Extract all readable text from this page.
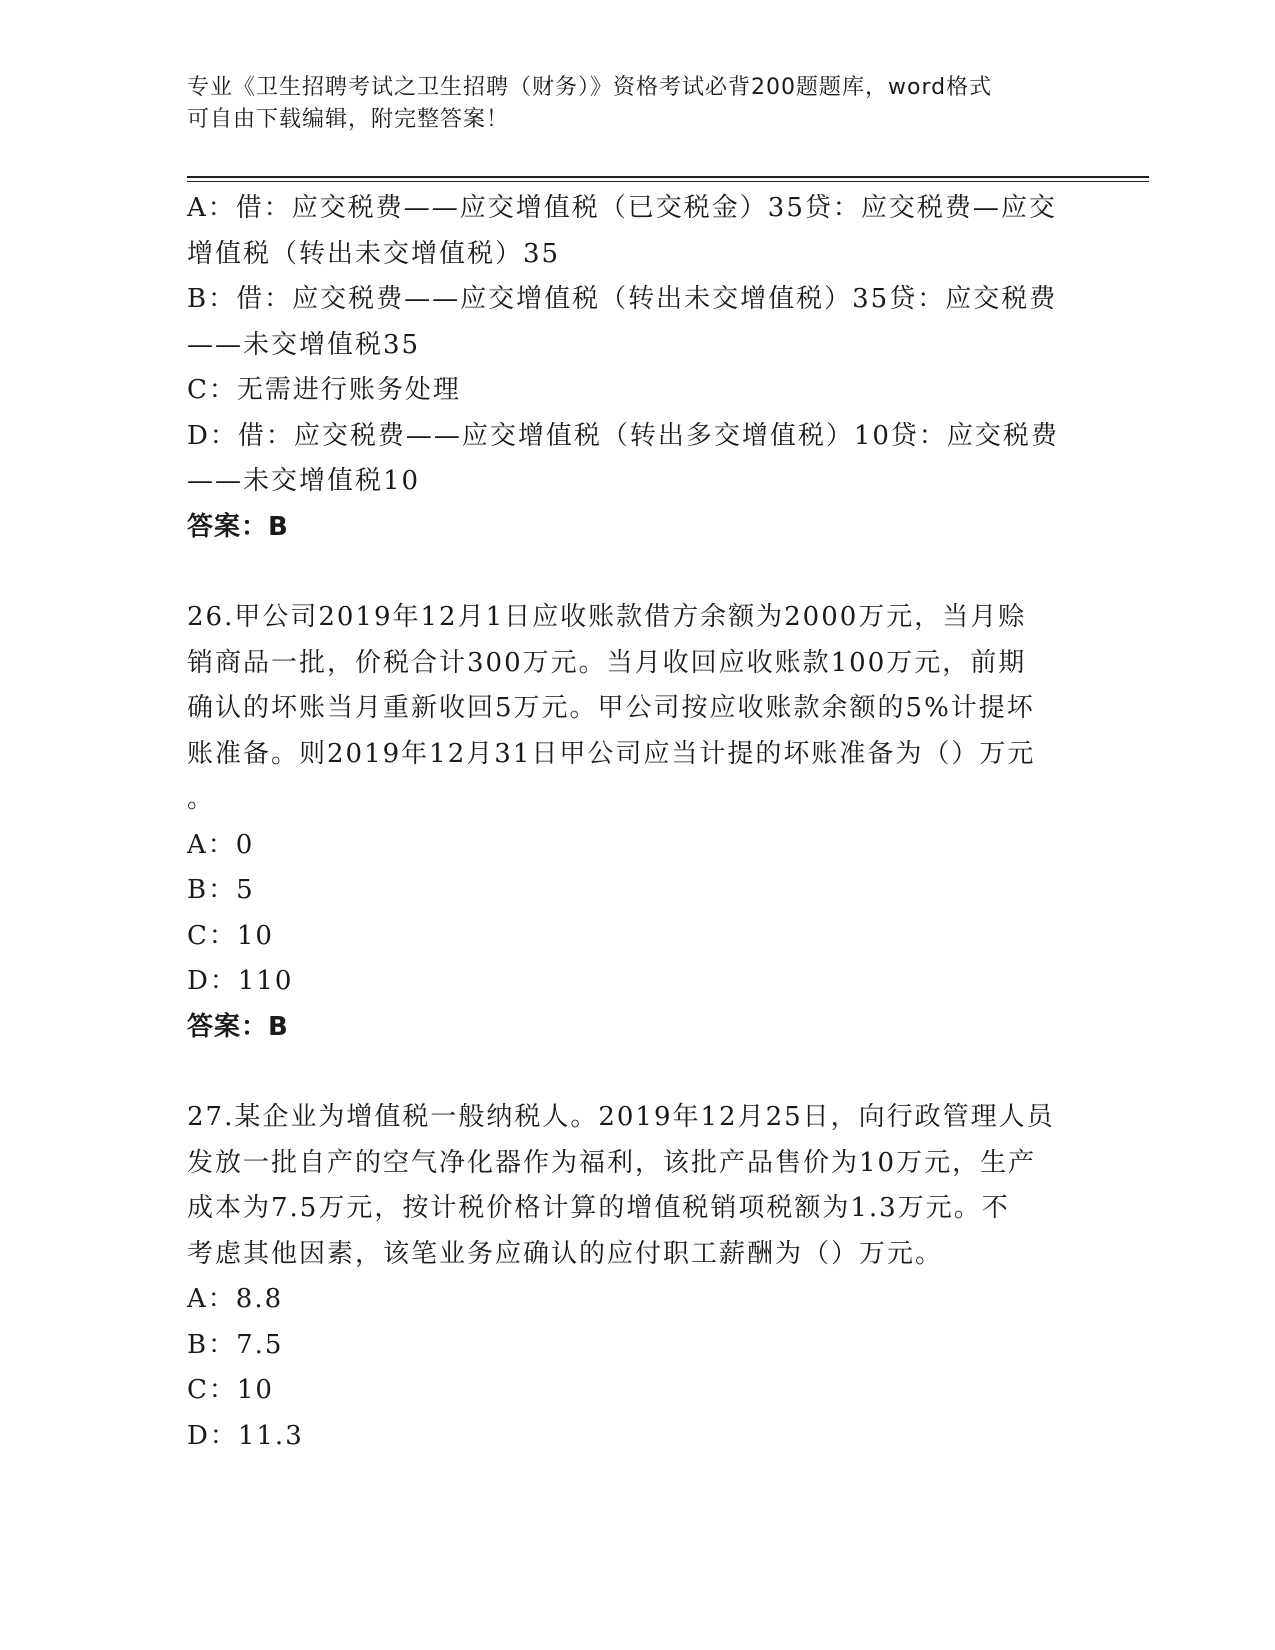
专业《卫生招聘考试之卫生招聘（财务）》资格考试必背200题题库，word格式
可自由下载编辑，附完整答案！

A：借：应交税费——应交增值税（已交税金）35贷：应交税费—应交

增值税（转出未交增值税）35

B：借：应交税费——应交增值税（转出未交增值税）35贷：应交税费

——未交增值税35

C：无需进行账务处理

D：借：应交税费——应交增值税（转出多交增值税）10贷：应交税费

——未交增值税10

答案：B

26.甲公司2019年12月1日应收账款借方余额为2000万元，当月赊

销商品一批，价税合计300万元。当月收回应收账款100万元，前期

确认的坏账当月重新收回5万元。甲公司按应收账款余额的5%计提坏

账准备。则2019年12月31日甲公司应当计提的坏账准备为（）万元

。

A：0

B：5

C：10

D：110

答案：B

27.某企业为增值税一般纳税人。2019年12月25日，向行政管理人员

发放一批自产的空气净化器作为福利，该批产品售价为10万元，生产

成本为7.5万元，按计税价格计算的增值税销项税额为1.3万元。不

考虑其他因素，该笔业务应确认的应付职工薪酬为（）万元。

A：8.8

B：7.5

C：10

D：11.3
